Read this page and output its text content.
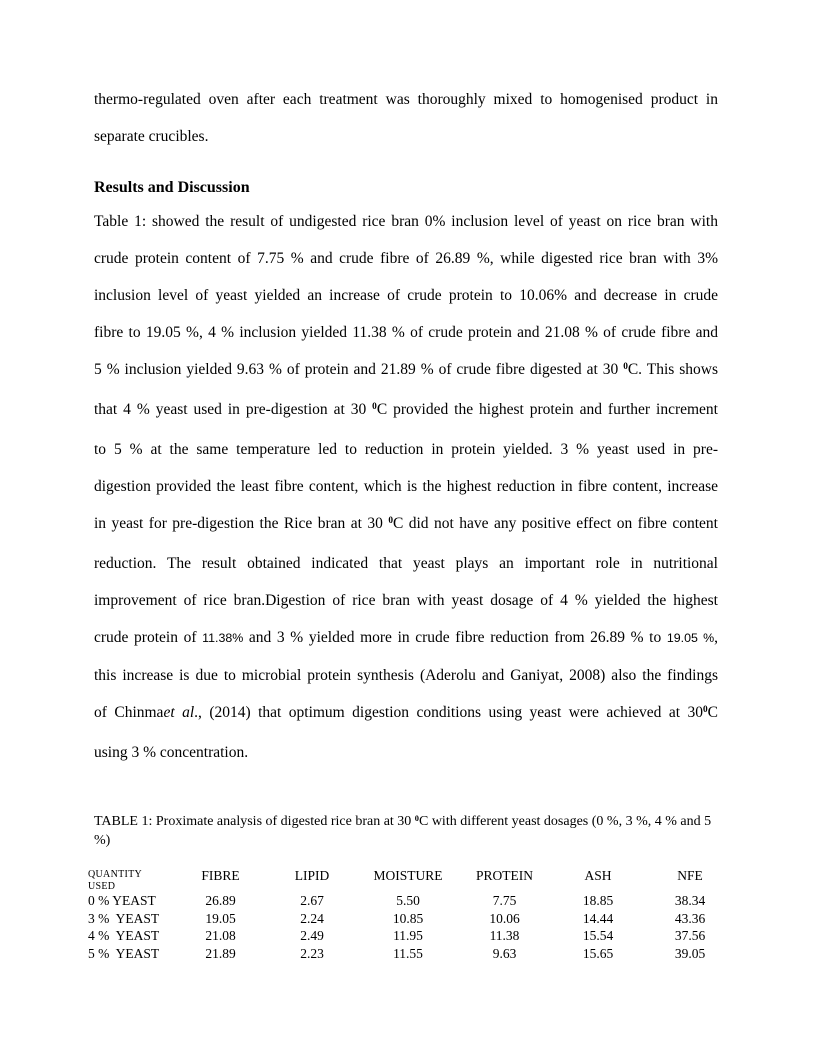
thermo-regulated oven after each treatment was thoroughly mixed to homogenised product in
separate crucibles.
Results and Discussion
Table 1: showed the result of undigested rice bran 0% inclusion level of yeast on rice bran with
crude protein content of 7.75 % and crude fibre of 26.89 %, while digested rice bran with 3%
inclusion level of yeast yielded an increase of crude protein to 10.06% and decrease in crude
fibre to 19.05 %, 4 % inclusion yielded 11.38 % of crude protein and 21.08 % of crude fibre and
5 % inclusion yielded 9.63 % of protein and 21.89 % of crude fibre digested at 30 $^0$C. This shows
that 4 % yeast used in pre-digestion at 30 $^0$C provided the highest protein and further increment
to 5 % at the same temperature led to reduction in protein yielded. 3 % yeast used in pre-
digestion provided the least fibre content, which is the highest reduction in fibre content, increase
in yeast for pre-digestion the Rice bran at 30 $^0$C did not have any positive effect on fibre content
reduction. The result obtained indicated that yeast plays an important role in nutritional
improvement of rice bran.Digestion of rice bran with yeast dosage of 4 % yielded the highest
crude protein of 11.38% and 3 % yielded more in crude fibre reduction from 26.89 % to 19.05 %,
this increase is due to microbial protein synthesis (Aderolu and Ganiyat, 2008) also the findings
of Chinmaet al., (2014) that optimum digestion conditions using yeast were achieved at $30^0C$
using 3 % concentration.
TABLE 1: Proximate analysis of digested rice bran at 30 $^0$C with different yeast dosages (0 %, 3 %, 4 % and 5 %)
QUANTITY
USED	FIBRE	LIPID	MOISTURE	PROTEIN	ASH	NFE
0 % YEAST	26.89	2.67	5.50	7.75	18.85	38.34
3 %  YEAST	19.05	2.24	10.85	10.06	14.44	43.36
4 %  YEAST	21.08	2.49	11.95	11.38	15.54	37.56
5 %  YEAST	21.89	2.23	11.55	9.63	15.65	39.05
